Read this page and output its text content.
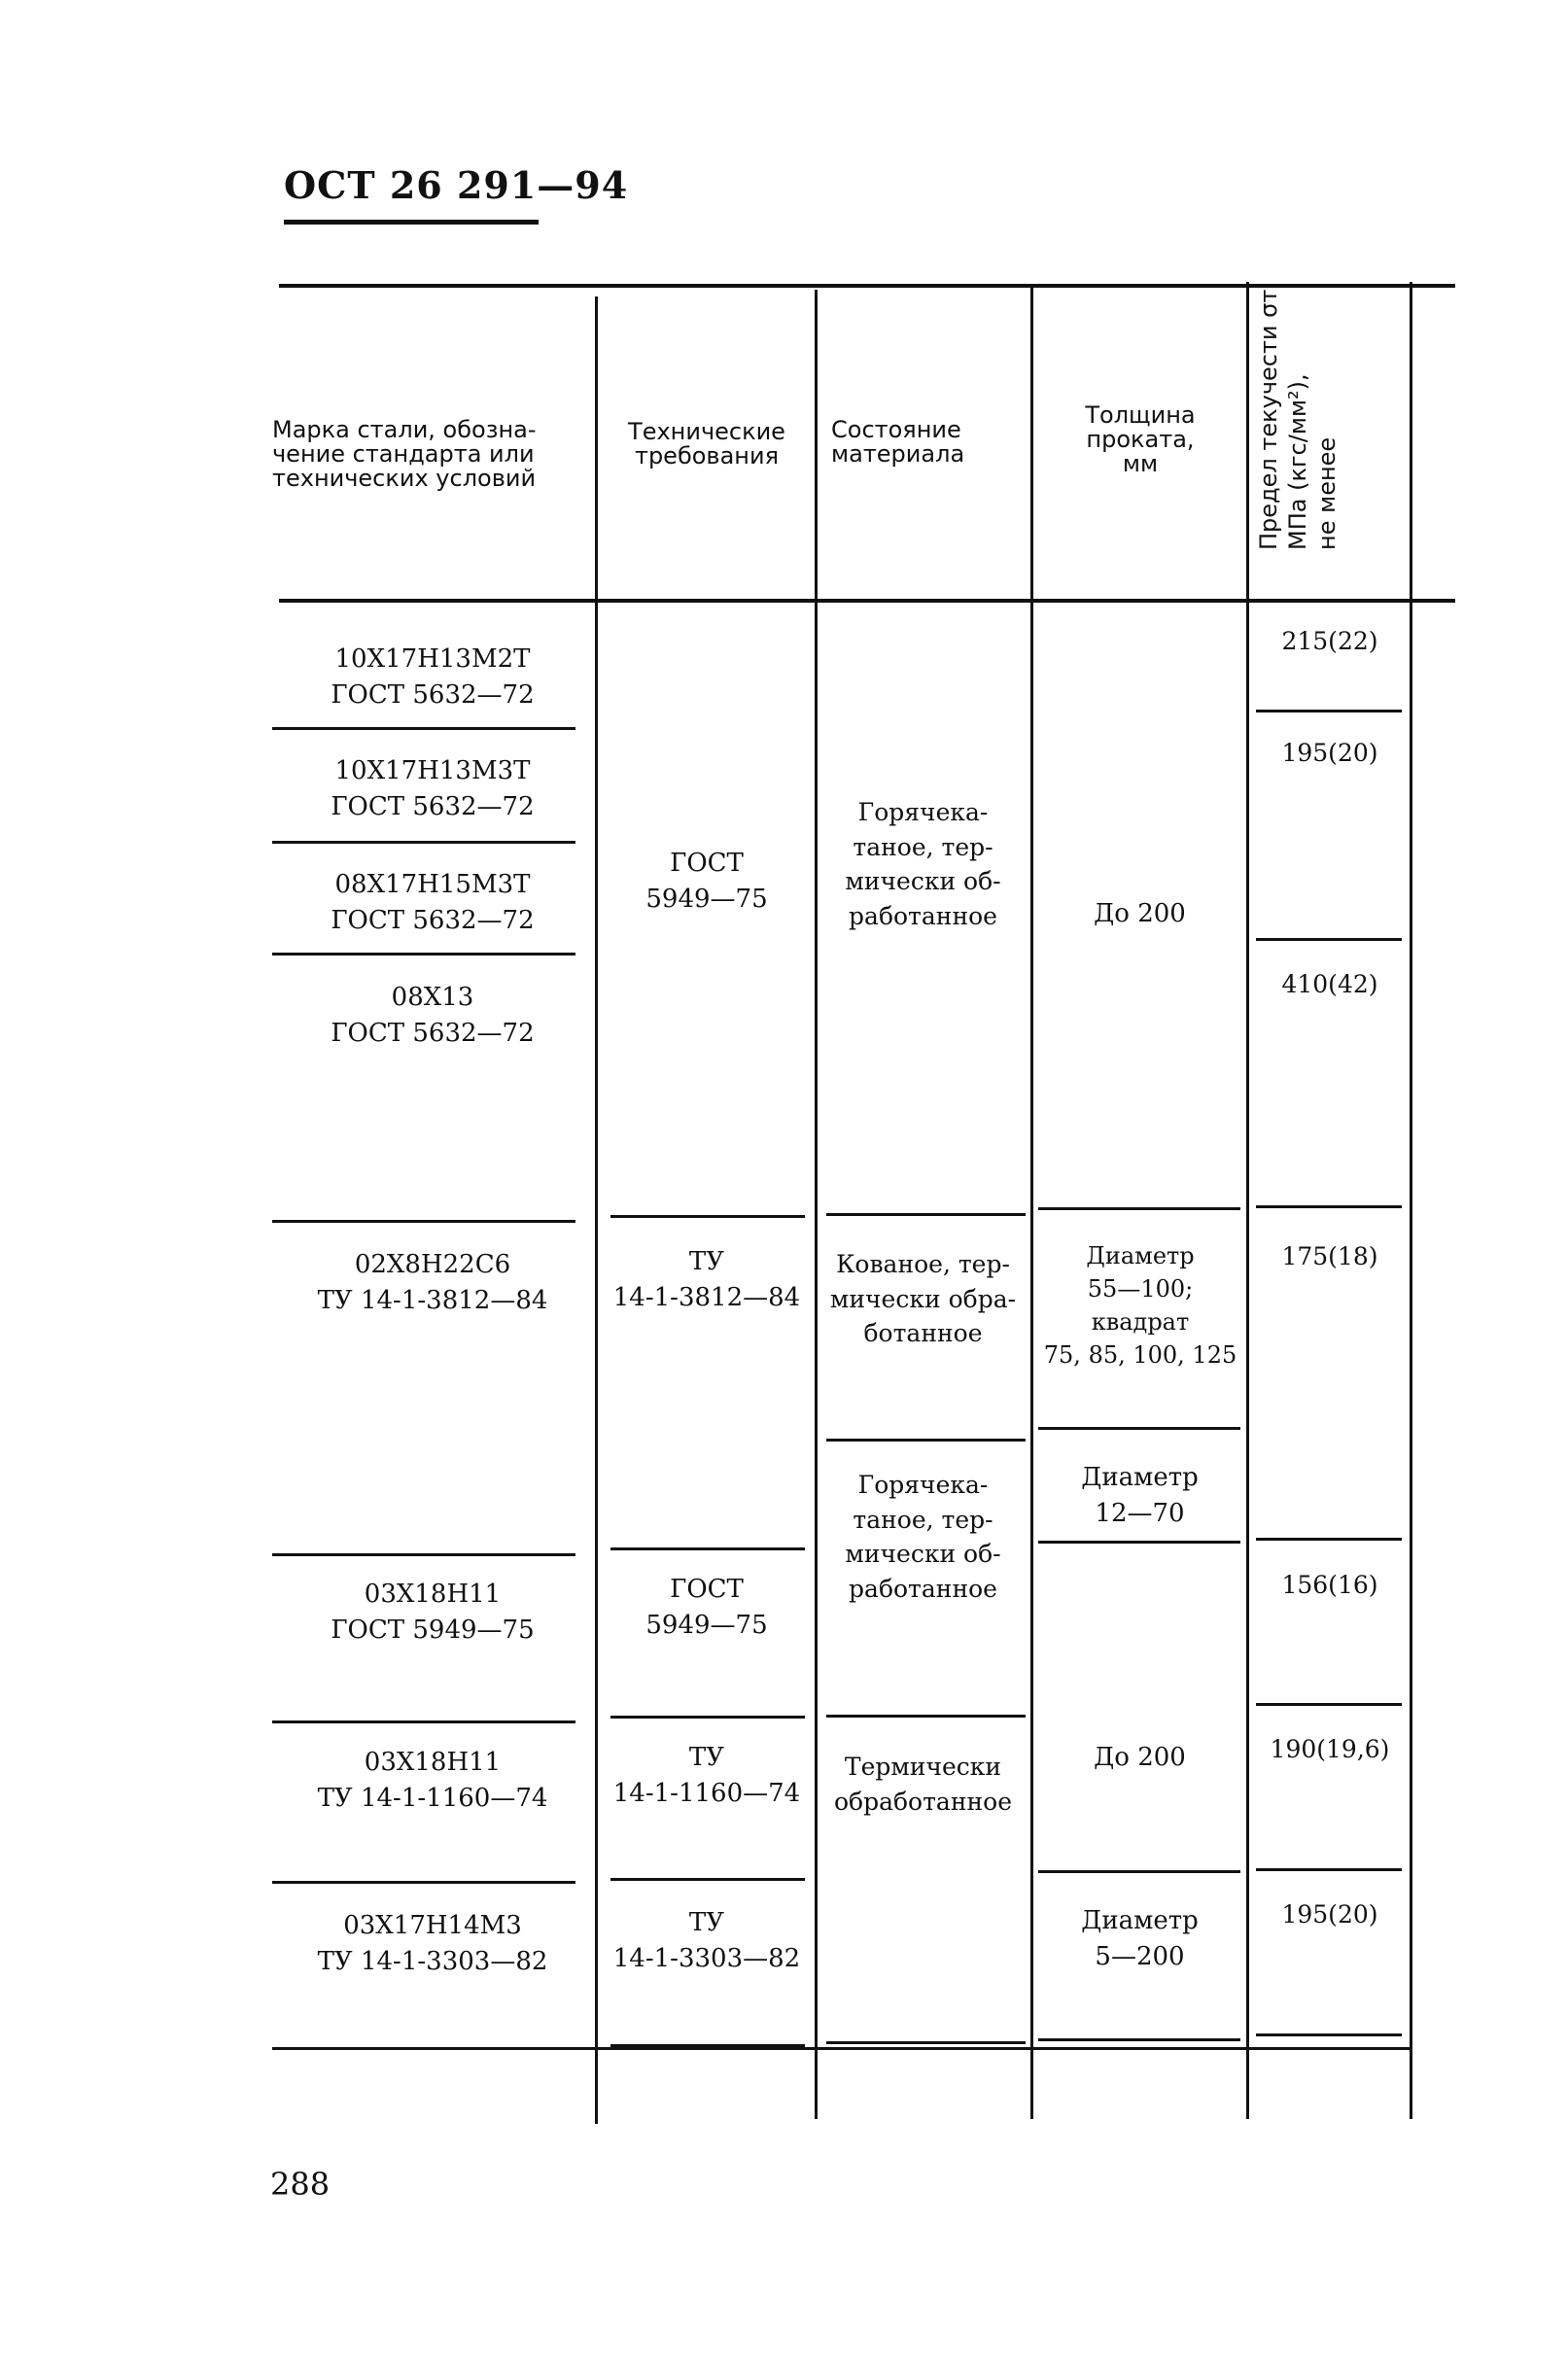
ОСТ 26 291—94
Марка стали, обозна-
чение стандарта или
технических условий
Технические
требования
Состояние
материала
Толщина
проката,
мм	Предел текучести σт,
МПа (кгс/мм²),
не менее
10Х17Н13М2Т
ГОСТ 5632—72
10Х17Н13М3Т
ГОСТ 5632—72
08Х17Н15М3Т
ГОСТ 5632—72
08Х13
ГОСТ 5632—72
02Х8Н22С6
ТУ 14-1-3812—84
03Х18Н11
ГОСТ 5949—75
03Х18Н11
ТУ 14-1-1160—74
03Х17Н14М3
ТУ 14-1-3303—82
ГОСТ
5949—75
ТУ
14-1-3812—84
ГОСТ
5949—75
ТУ
14-1-1160—74
ТУ
14-1-3303—82
Горячека-
таное, тер-
мически об-
работанное
Кованое, тер-
мически обра-
ботанное
Горячека-
таное, тер-
мически об-
работанное
Термически
обработанное
До 200
Диаметр
55—100;
квадрат
75, 85, 100, 125
Диаметр
12—70
До 200
Диаметр
5—200
215(22)
195(20)
410(42)
175(18)
156(16)
190(19,6)
195(20)
288
